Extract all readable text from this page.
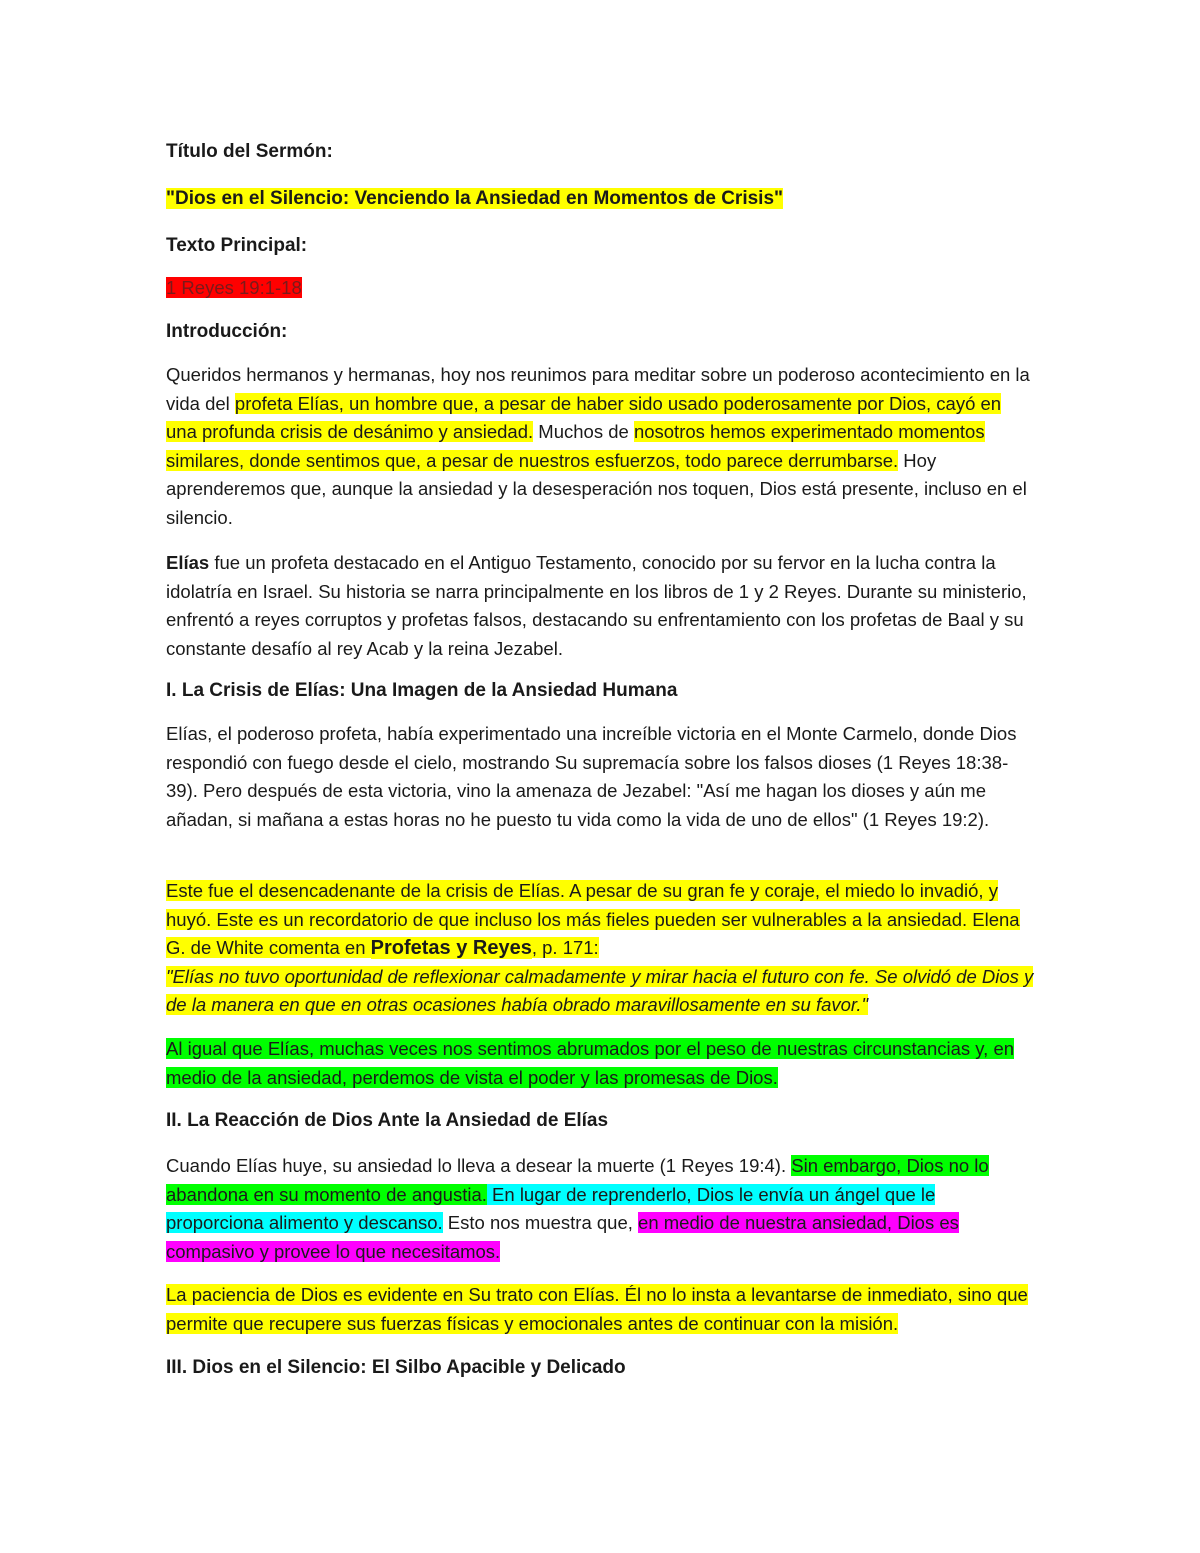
Título del Sermón:

"Dios en el Silencio: Venciendo la Ansiedad en Momentos de Crisis"

Texto Principal:

1 Reyes 19:1-18

Introducción:

Queridos hermanos y hermanas, hoy nos reunimos para meditar sobre un poderoso acontecimiento en la vida del profeta Elías, un hombre que, a pesar de haber sido usado poderosamente por Dios, cayó en una profunda crisis de desánimo y ansiedad. Muchos de nosotros hemos experimentado momentos similares, donde sentimos que, a pesar de nuestros esfuerzos, todo parece derrumbarse. Hoy aprenderemos que, aunque la ansiedad y la desesperación nos toquen, Dios está presente, incluso en el silencio.

Elías fue un profeta destacado en el Antiguo Testamento, conocido por su fervor en la lucha contra la idolatría en Israel. Su historia se narra principalmente en los libros de 1 y 2 Reyes. Durante su ministerio, enfrentó a reyes corruptos y profetas falsos, destacando su enfrentamiento con los profetas de Baal y su constante desafío al rey Acab y la reina Jezabel.

I. La Crisis de Elías: Una Imagen de la Ansiedad Humana

Elías, el poderoso profeta, había experimentado una increíble victoria en el Monte Carmelo, donde Dios respondió con fuego desde el cielo, mostrando Su supremacía sobre los falsos dioses (1 Reyes 18:38-39). Pero después de esta victoria, vino la amenaza de Jezabel: "Así me hagan los dioses y aún me añadan, si mañana a estas horas no he puesto tu vida como la vida de uno de ellos" (1 Reyes 19:2).

Este fue el desencadenante de la crisis de Elías. A pesar de su gran fe y coraje, el miedo lo invadió, y huyó. Este es un recordatorio de que incluso los más fieles pueden ser vulnerables a la ansiedad. Elena G. de White comenta en Profetas y Reyes, p. 171:
"Elías no tuvo oportunidad de reflexionar calmadamente y mirar hacia el futuro con fe. Se olvidó de Dios y de la manera en que en otras ocasiones había obrado maravillosamente en su favor."

Al igual que Elías, muchas veces nos sentimos abrumados por el peso de nuestras circunstancias y, en medio de la ansiedad, perdemos de vista el poder y las promesas de Dios.

II. La Reacción de Dios Ante la Ansiedad de Elías

Cuando Elías huye, su ansiedad lo lleva a desear la muerte (1 Reyes 19:4). Sin embargo, Dios no lo abandona en su momento de angustia. En lugar de reprenderlo, Dios le envía un ángel que le proporciona alimento y descanso. Esto nos muestra que, en medio de nuestra ansiedad, Dios es compasivo y provee lo que necesitamos.

La paciencia de Dios es evidente en Su trato con Elías. Él no lo insta a levantarse de inmediato, sino que permite que recupere sus fuerzas físicas y emocionales antes de continuar con la misión.

III. Dios en el Silencio: El Silbo Apacible y Delicado
